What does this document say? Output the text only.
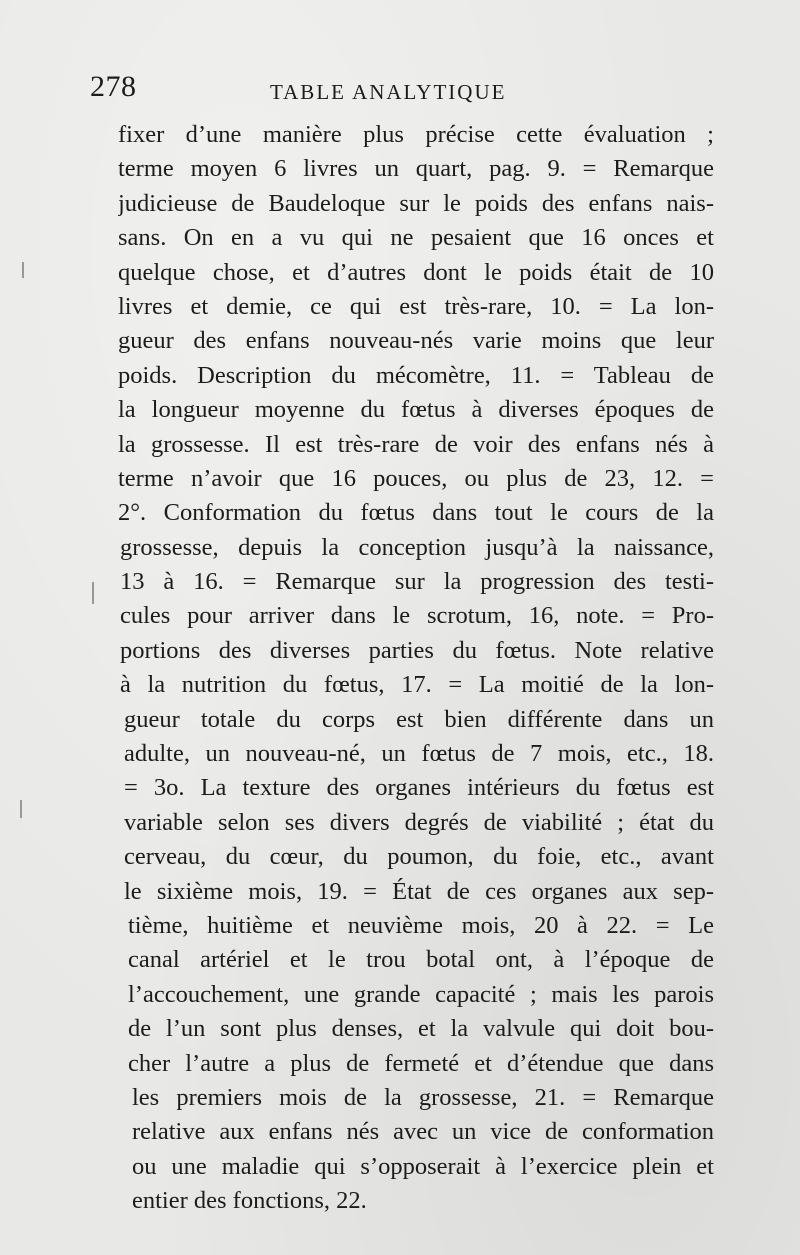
278	TABLE ANALYTIQUE
fixer d’une manière plus précise cette évaluation ;
terme moyen 6 livres un quart, pag. 9. = Remarque
judicieuse de Baudeloque sur le poids des enfans nais-
sans. On en a vu qui ne pesaient que 16 onces et
quelque chose, et d’autres dont le poids était de 10
livres et demie, ce qui est très-rare, 10. = La lon-
gueur des enfans nouveau-nés varie moins que leur
poids. Description du mécomètre, 11. = Tableau de
la longueur moyenne du fœtus à diverses époques de
la grossesse. Il est très-rare de voir des enfans nés à
terme n’avoir que 16 pouces, ou plus de 23, 12. =
2°. Conformation du fœtus dans tout le cours de la
grossesse, depuis la conception jusqu’à la naissance,
13 à 16. = Remarque sur la progression des testi-
cules pour arriver dans le scrotum, 16, note. = Pro-
portions des diverses parties du fœtus. Note relative
à la nutrition du fœtus, 17. = La moitié de la lon-
gueur totale du corps est bien différente dans un
adulte, un nouveau-né, un fœtus de 7 mois, etc., 18.
= 3o. La texture des organes intérieurs du fœtus est
variable selon ses divers degrés de viabilité ; état du
cerveau, du cœur, du poumon, du foie, etc., avant
le sixième mois, 19. = État de ces organes aux sep-
tième, huitième et neuvième mois, 20 à 22. = Le
canal artériel et le trou botal ont, à l’époque de
l’accouchement, une grande capacité ; mais les parois
de l’un sont plus denses, et la valvule qui doit bou-
cher l’autre a plus de fermeté et d’étendue que dans
les premiers mois de la grossesse, 21. = Remarque
relative aux enfans nés avec un vice de conformation
ou une maladie qui s’opposerait à l’exercice plein et
entier des fonctions, 22.
